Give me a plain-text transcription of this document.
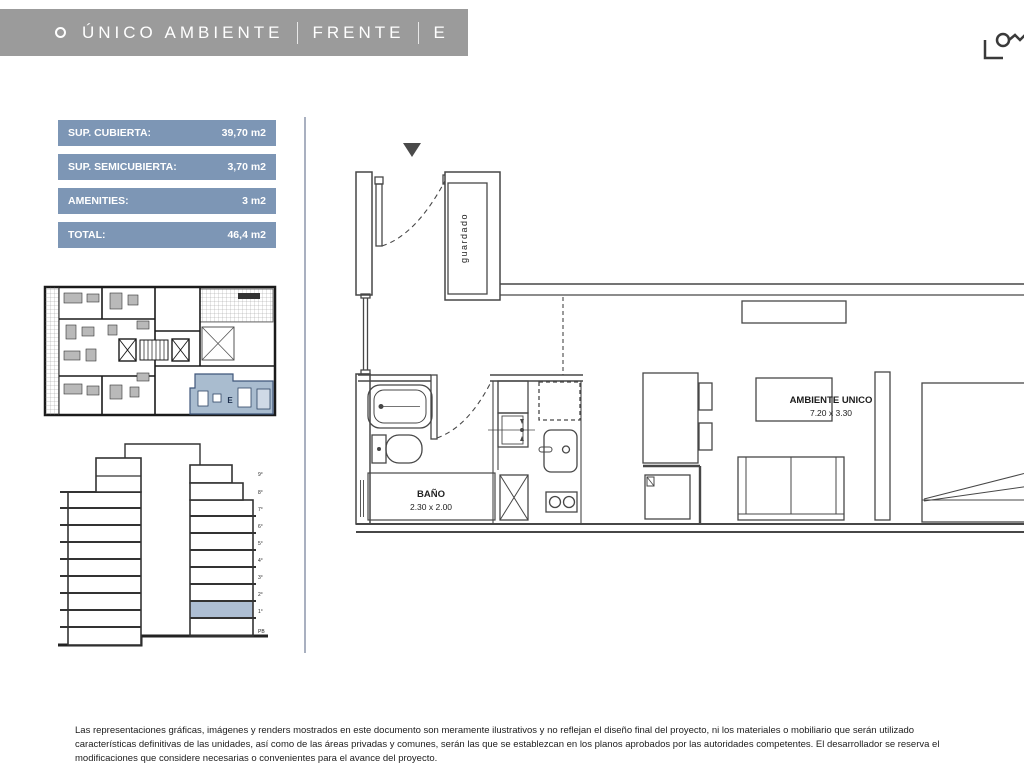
ÚNICO AMBIENTE FRENTE E
SUP. CUBIERTA:	39,70 m2
SUP. SEMICUBIERTA:	3,70 m2
AMENITIES:	3 m2
TOTAL:	46,4 m2
E
9°
8°
7°
6°
5°
4°
3°
2°
1°
PB
guardado
BAÑO
2.30 x 2.00
AMBIENTE UNICO
7.20 x 3.30
Las representaciones gráficas, imágenes y renders mostrados en este documento son meramente ilustrativos y no reflejan el diseño final del proyecto, ni los materiales o mobiliario que serán utilizado
características definitivas de las unidades, así como de las áreas privadas y comunes, serán las que se establezcan en los planos aprobados por las autoridades competentes. El desarrollador se reserva el
modificaciones que considere necesarias o convenientes para el avance del proyecto.
